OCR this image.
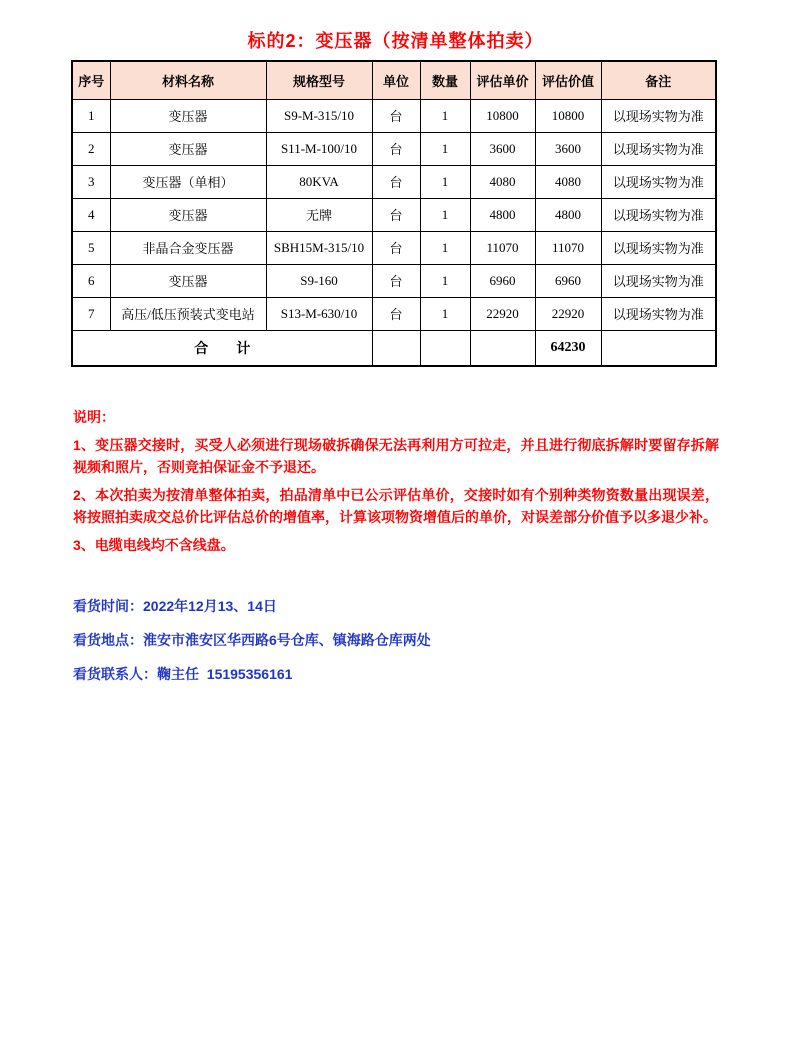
标的2：变压器（按清单整体拍卖）
序号	材料名称	规格型号	单位	数量	评估单价	评估价值	备注
1	变压器	S9-M-315/10	台	1	10800	10800	以现场实物为准
2	变压器	S11-M-100/10	台	1	3600	3600	以现场实物为准
3	变压器（单相）	80KVA	台	1	4080	4080	以现场实物为准
4	变压器	无牌	台	1	4800	4800	以现场实物为准
5	非晶合金变压器	SBH15M-315/10	台	1	11070	11070	以现场实物为准
6	变压器	S9-160	台	1	6960	6960	以现场实物为准
7	高压/低压预装式变电站	S13-M-630/10	台	1	22920	22920	以现场实物为准
合　　计						64230	
说明：
1、变压器交接时，买受人必须进行现场破拆确保无法再利用方可拉走，并且进行彻底拆解时要留存拆解视频和照片，否则竞拍保证金不予退还。
2、本次拍卖为按清单整体拍卖，拍品清单中已公示评估单价，交接时如有个别种类物资数量出现误差，将按照拍卖成交总价比评估总价的增值率，计算该项物资增值后的单价，对误差部分价值予以多退少补。
3、电缆电线均不含线盘。
看货时间：2022年12月13、14日
看货地点：淮安市淮安区华西路6号仓库、镇海路仓库两处
看货联系人：鞠主任  15195356161
